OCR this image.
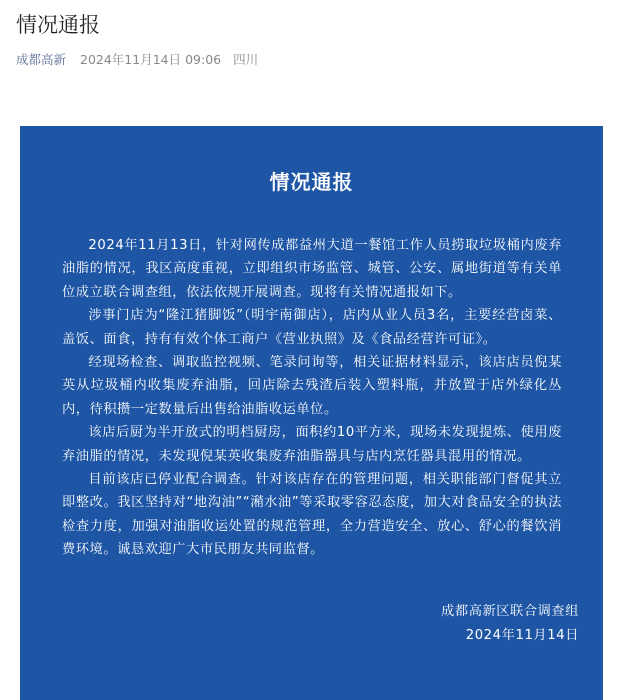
情况通报
成都高新 2024年11月14日 09:06 四川
情况通报

2024年11月13日，针对网传成都益州大道一餐馆工作人员捞取垃圾桶内废弃油脂的情况，我区高度重视，立即组织市场监管、城管、公安、属地街道等有关单位成立联合调查组，依法依规开展调查。现将有关情况通报如下。

涉事门店为“隆江猪脚饭”（明宇南御店），店内从业人员3名，主要经营卤菜、盖饭、面食，持有有效个体工商户《营业执照》及《食品经营许可证》。

经现场检查、调取监控视频、笔录问询等，相关证据材料显示，该店店员倪某英从垃圾桶内收集废弃油脂，回店除去残渣后装入塑料瓶，并放置于店外绿化丛内，待积攒一定数量后出售给油脂收运单位。

该店后厨为半开放式的明档厨房，面积约10平方米，现场未发现提炼、使用废弃油脂的情况，未发现倪某英收集废弃油脂器具与店内烹饪器具混用的情况。

目前该店已停业配合调查。针对该店存在的管理问题，相关职能部门督促其立即整改。我区坚持对“地沟油”“潲水油”等采取零容忍态度，加大对食品安全的执法检查力度，加强对油脂收运处置的规范管理，全力营造安全、放心、舒心的餐饮消费环境。诚恳欢迎广大市民朋友共同监督。

成都高新区联合调查组
2024年11月14日
